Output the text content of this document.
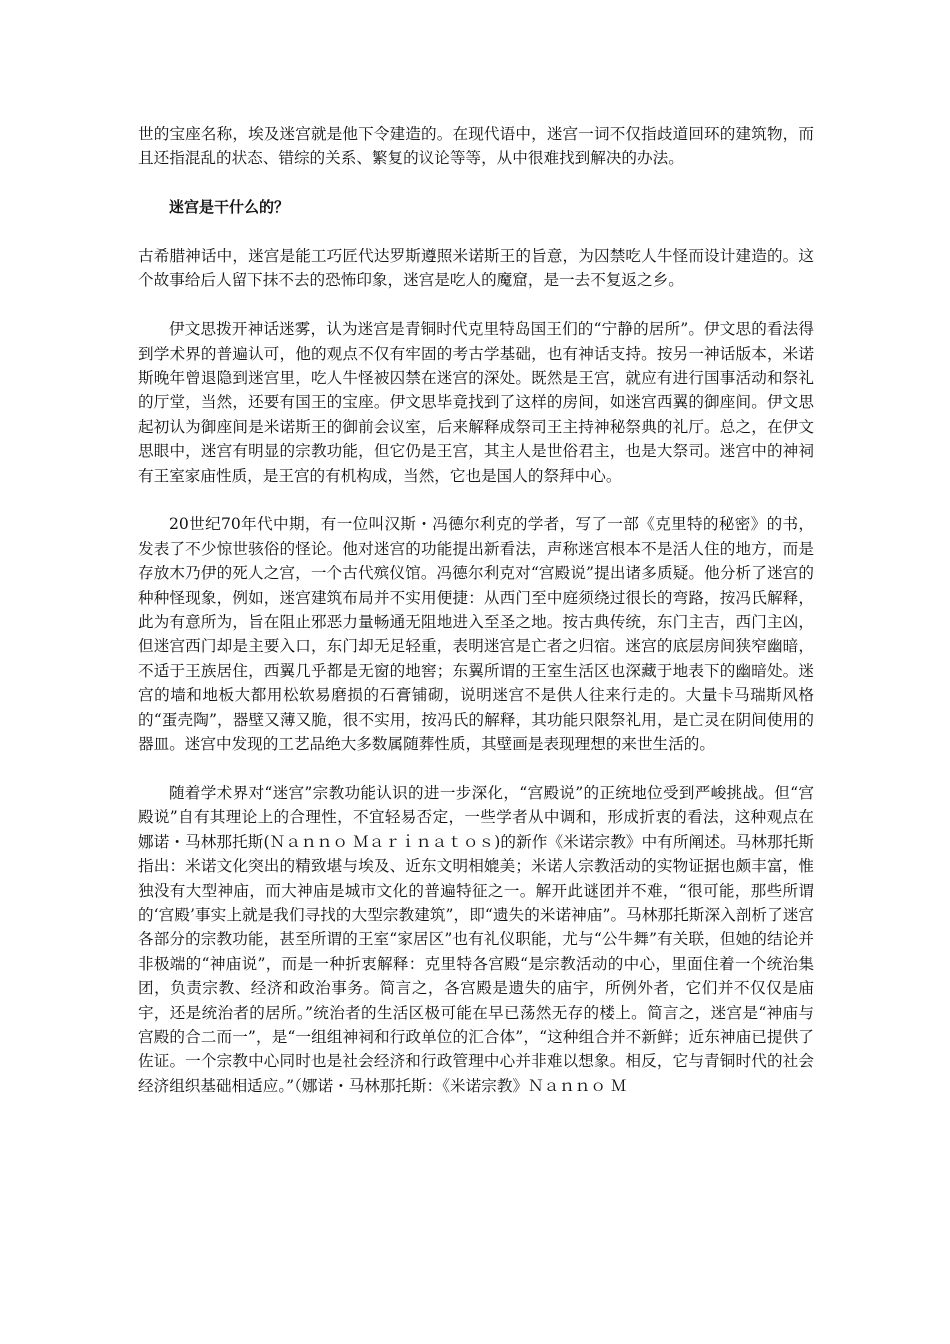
世的宝座名称，埃及迷宫就是他下令建造的。在现代语中，迷宫一词不仅指歧道回环的建筑物，而且还指混乱的状态、错综的关系、繁复的议论等等，从中很难找到解决的办法。

迷宫是干什么的？

古希腊神话中，迷宫是能工巧匠代达罗斯遵照米诺斯王的旨意，为囚禁吃人牛怪而设计建造的。这个故事给后人留下抹不去的恐怖印象，迷宫是吃人的魔窟，是一去不复返之乡。

伊文思拨开神话迷雾，认为迷宫是青铜时代克里特岛国王们的“宁静的居所”。伊文思的看法得到学术界的普遍认可，他的观点不仅有牢固的考古学基础，也有神话支持。按另一神话版本，米诺斯晚年曾退隐到迷宫里，吃人牛怪被囚禁在迷宫的深处。既然是王宫，就应有进行国事活动和祭礼的厅堂，当然，还要有国王的宝座。伊文思毕竟找到了这样的房间，如迷宫西翼的御座间。伊文思起初认为御座间是米诺斯王的御前会议室，后来解释成祭司王主持神秘祭典的礼厅。总之，在伊文思眼中，迷宫有明显的宗教功能，但它仍是王宫，其主人是世俗君主，也是大祭司。迷宫中的神祠有王室家庙性质，是王宫的有机构成，当然，它也是国人的祭拜中心。

20世纪70年代中期，有一位叫汉斯・冯德尔利克的学者，写了一部《克里特的秘密》的书，发表了不少惊世骇俗的怪论。他对迷宫的功能提出新看法，声称迷宫根本不是活人住的地方，而是存放木乃伊的死人之宫，一个古代殡仪馆。冯德尔利克对“宫殿说”提出诸多质疑。他分析了迷宫的种种怪现象，例如，迷宫建筑布局并不实用便捷：从西门至中庭须绕过很长的弯路，按冯氏解释，此为有意所为，旨在阻止邪恶力量畅通无阻地进入至圣之地。按古典传统，东门主吉，西门主凶，但迷宫西门却是主要入口，东门却无足轻重，表明迷宫是亡者之归宿。迷宫的底层房间狭窄幽暗，不适于王族居住，西翼几乎都是无窗的地窖；东翼所谓的王室生活区也深藏于地表下的幽暗处。迷宫的墙和地板大都用松软易磨损的石膏铺砌，说明迷宫不是供人往来行走的。大量卡马瑞斯风格的“蛋壳陶”，器壁又薄又脆，很不实用，按冯氏的解释，其功能只限祭礼用，是亡灵在阴间使用的器皿。迷宫中发现的工艺品绝大多数属随葬性质，其壁画是表现理想的来世生活的。

随着学术界对“迷宫”宗教功能认识的进一步深化，“宫殿说”的正统地位受到严峻挑战。但“宫殿说”自有其理论上的合理性，不宜轻易否定，一些学者从中调和，形成折衷的看法，这种观点在娜诺・马林那托斯(Ｎａｎｎｏ Ｍａｒｉｎａｔｏｓ)的新作《米诺宗教》中有所阐述。马林那托斯指出：米诺文化突出的精致堪与埃及、近东文明相媲美；米诺人宗教活动的实物证据也颇丰富，惟独没有大型神庙，而大神庙是城市文化的普遍特征之一。解开此谜团并不难，“很可能，那些所谓的‘宫殿’事实上就是我们寻找的大型宗教建筑”，即“遗失的米诺神庙”。马林那托斯深入剖析了迷宫各部分的宗教功能，甚至所谓的王室“家居区”也有礼仪职能，尤与“公牛舞”有关联，但她的结论并非极端的“神庙说”，而是一种折衷解释：克里特各宫殿“是宗教活动的中心，里面住着一个统治集团，负责宗教、经济和政治事务。简言之，各宫殿是遗失的庙宇，所例外者，它们并不仅仅是庙宇，还是统治者的居所。”统治者的生活区极可能在早已荡然无存的楼上。简言之，迷宫是“神庙与宫殿的合二而一”，是“一组组神祠和行政单位的汇合体”，“这种组合并不新鲜；近东神庙已提供了佐证。一个宗教中心同时也是社会经济和行政管理中心并非难以想象。相反，它与青铜时代的社会经济组织基础相适应。”（娜诺・马林那托斯：《米诺宗教》Ｎａｎｎｏ Ｍ
